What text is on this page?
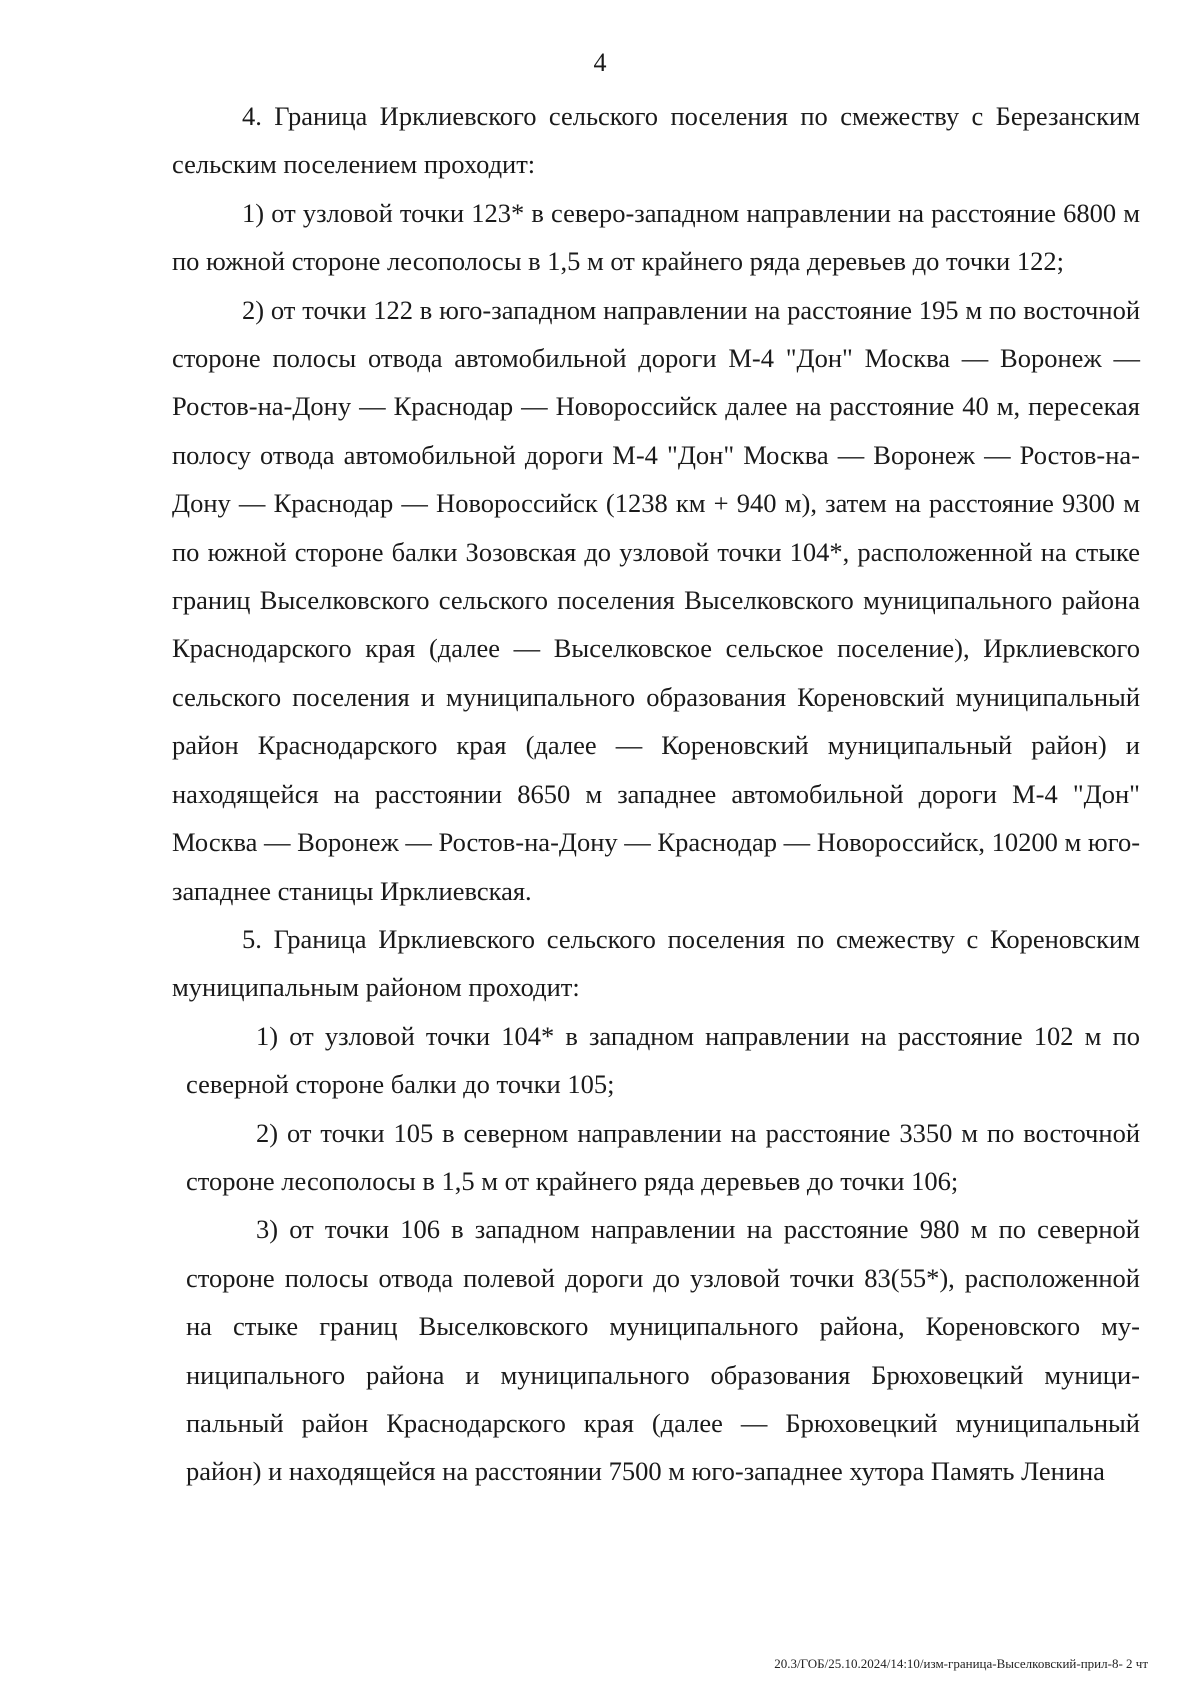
4

4. Граница Ирклиевского сельского поселения по смежеству с Березанским сельским поселением проходит:

1) от узловой точки 123* в северо-западном направлении на расстояние 6800 м по южной стороне лесополосы в 1,5 м от крайнего ряда деревьев до точки 122;

2) от точки 122 в юго-западном направлении на расстояние 195 м по восточной стороне полосы отвода автомобильной дороги М-4 "Дон" Москва — Воронеж — Ростов-на-Дону — Краснодар — Новороссийск далее на расстояние 40 м, пересекая полосу отвода автомобильной дороги М-4 "Дон" Москва — Воронеж — Ростов-на-Дону — Краснодар — Новороссийск (1238 км + 940 м), затем на расстояние 9300 м по южной стороне балки Зозовская до узловой точки 104*, расположенной на стыке границ Выселковского сельского поселения Выселковского муниципального района Краснодарского края (далее — Выселковское сельское поселение), Ирклиевского сельского поселения и муниципального образования Кореновский муниципальный район Краснодарского края (далее — Кореновский муниципальный район) и находящейся на расстоянии 8650 м западнее автомобильной дороги М-4 "Дон" Москва — Воронеж — Ростов-на-Дону — Краснодар — Новороссийск, 10200 м юго-западнее станицы Ирклиевская.

5. Граница Ирклиевского сельского поселения по смежеству с Кореновским муниципальным районом проходит:

1) от узловой точки 104* в западном направлении на расстояние 102 м по северной стороне балки до точки 105;

2) от точки 105 в северном направлении на расстояние 3350 м по восточной стороне лесополосы в 1,5 м от крайнего ряда деревьев до точки 106;

3) от точки 106 в западном направлении на расстояние 980 м по северной стороне полосы отвода полевой дороги до узловой точки 83(55*), расположенной на стыке границ Выселковского муниципального района, Кореновского муниципального района и муниципального образования Брюховецкий муниципальный район Краснодарского края (далее — Брюховецкий муниципальный район) и находящейся на расстоянии 7500 м юго-западнее хутора Память Ленина

20.3/ГОБ/25.10.2024/14:10/изм-граница-Выселковский-прил-8- 2 чт
